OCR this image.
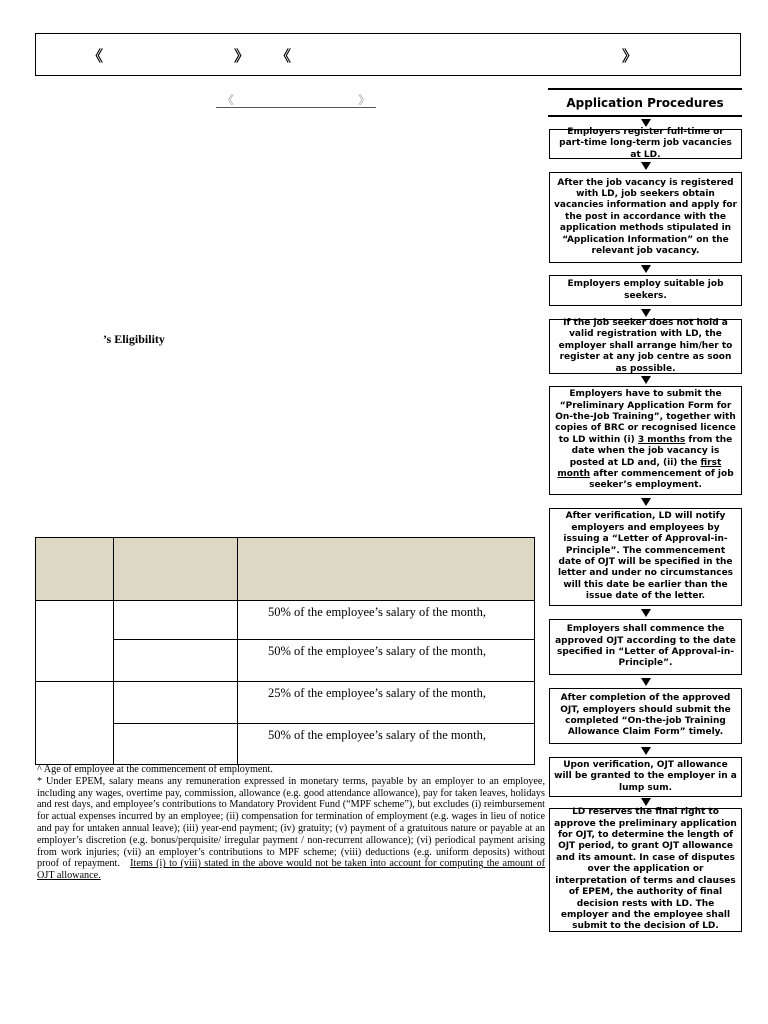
《	》 《	》
《	》
’s Eligibility

		50% of the employee’s salary of the month,
		50% of the employee’s salary of the month,
		25% of the employee’s salary of the month,
		50% of the employee’s salary of the month,

^ Age of employee at the commencement of employment.

* Under EPEM, salary means any remuneration expressed in monetary terms, payable by an employer to an employee, including any wages, overtime pay, commission, allowance (e.g. good attendance allowance), pay for taken leaves, holidays and rest days, and employee’s contributions to Mandatory Provident Fund (“MPF scheme”), but excludes (i) reimbursement for actual expenses incurred by an employee; (ii) compensation for termination of employment (e.g. wages in lieu of notice and pay for untaken annual leave); (iii) year-end payment; (iv) gratuity; (v) payment of a gratuitous nature or payable at an employer’s discretion (e.g. bonus/perquisite/ irregular payment / non-recurrent allowance); (vi) periodical payment arising from work injuries; (vii) an employer’s contributions to MPF scheme; (viii) deductions (e.g. uniform deposits) without proof of repayment. Items (i) to (viii) stated in the above would not be taken into account for computing the amount of OJT allowance.

Application Procedures
Employers register full-time or part-time long-term job vacancies at LD.
After the job vacancy is registered with LD, job seekers obtain vacancies information and apply for the post in accordance with the application methods stipulated in “Application Information” on the relevant job vacancy.
Employers employ suitable job seekers.
If the job seeker does not hold a valid registration with LD, the employer shall arrange him/her to register at any job centre as soon as possible.
Employers have to submit the “Preliminary Application Form for On-the-Job Training”, together with copies of BRC or recognised licence to LD within (i) 3 months from the date when the job vacancy is posted at LD and, (ii) the first month after commencement of job seeker’s employment.
After verification, LD will notify employers and employees by issuing a “Letter of Approval-in-Principle”. The commencement date of OJT will be specified in the letter and under no circumstances will this date be earlier than the issue date of the letter.
Employers shall commence the approved OJT according to the date specified in “Letter of Approval-in-Principle”.
After completion of the approved OJT, employers should submit the completed “On-the-job Training Allowance Claim Form” timely.
Upon verification, OJT allowance will be granted to the employer in a lump sum.
LD reserves the final right to approve the preliminary application for OJT, to determine the length of OJT period, to grant OJT allowance and its amount. In case of disputes over the application or interpretation of terms and clauses of EPEM, the authority of final decision rests with LD. The employer and the employee shall submit to the decision of LD.
